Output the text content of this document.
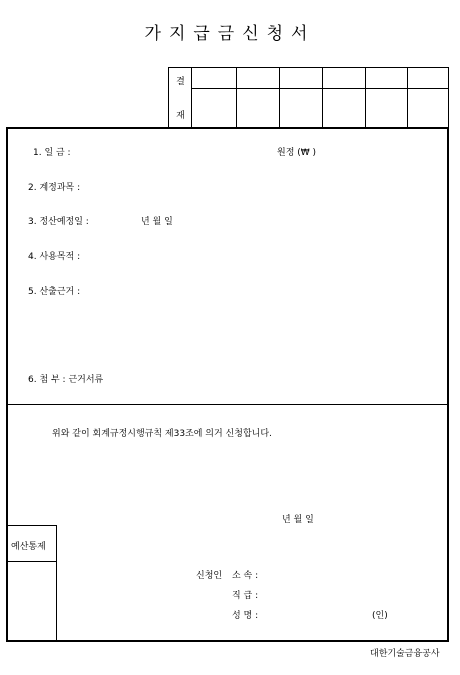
가지급금신청서
결
재
1. 일 금 :	원정 (₩ )
2. 계정과목 :
3. 정산예정일 :	년 월 일
4. 사용목적 :
5. 산출근거 :
6. 첨 부 : 근거서류
위와 같이 회계규정시행규칙 제33조에 의거 신청합니다.
년 월 일
예산통제
신청인 소 속 :
직 급 :
성 명 :	(인)
대한기술금융공사
